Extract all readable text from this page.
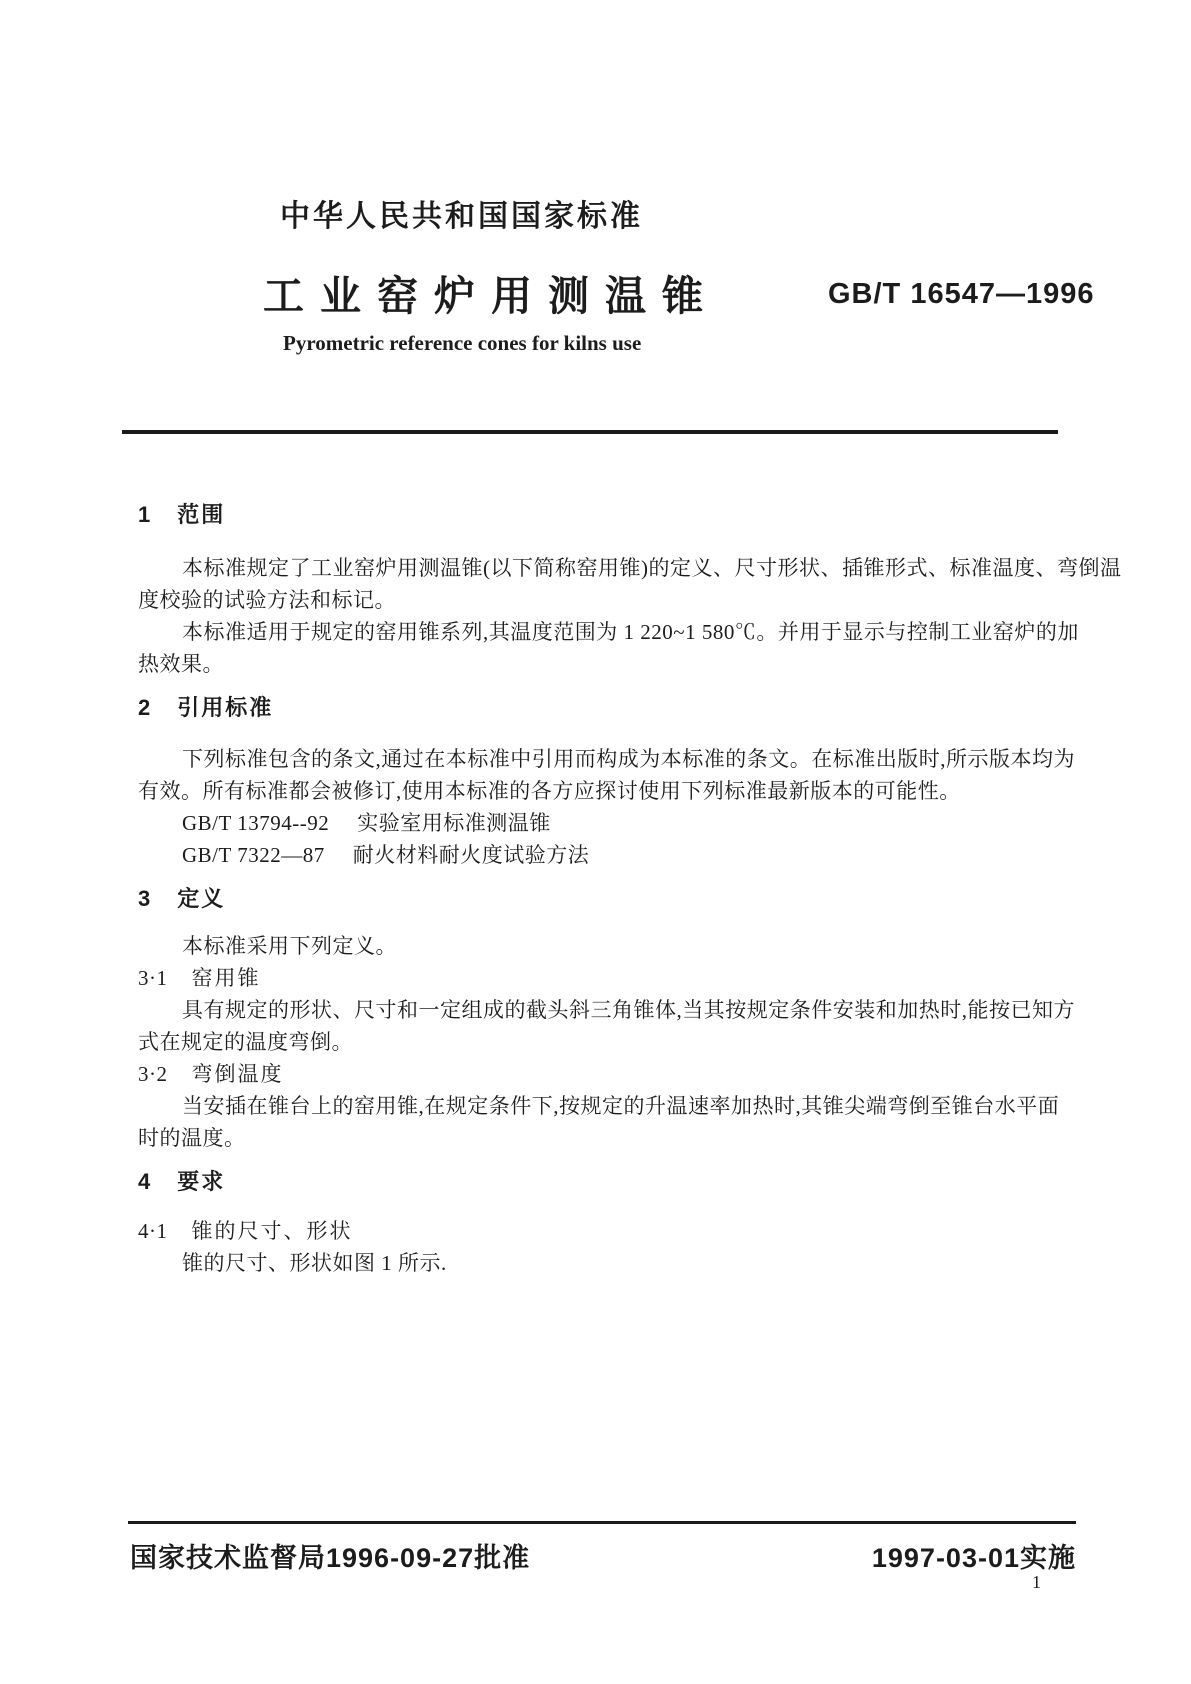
中华人民共和国国家标准
工业窑炉用测温锥	GB/T 16547—1996
Pyrometric reference cones for kilns use
1 范围
本标准规定了工业窑炉用测温锥(以下简称窑用锥)的定义、尺寸形状、插锥形式、标准温度、弯倒温
度校验的试验方法和标记。
本标准适用于规定的窑用锥系列,其温度范围为 1 220~1 580℃。并用于显示与控制工业窑炉的加
热效果。
2 引用标准
下列标准包含的条文,通过在本标准中引用而构成为本标准的条文。在标准出版时,所示版本均为
有效。所有标准都会被修订,使用本标准的各方应探讨使用下列标准最新版本的可能性。
GB/T 13794--92 实验室用标准测温锥
GB/T 7322—87 耐火材料耐火度试验方法
3 定义
本标准采用下列定义。
3·1 窑用锥
具有规定的形状、尺寸和一定组成的截头斜三角锥体,当其按规定条件安装和加热时,能按已知方
式在规定的温度弯倒。
3·2 弯倒温度
当安插在锥台上的窑用锥,在规定条件下,按规定的升温速率加热时,其锥尖端弯倒至锥台水平面
时的温度。
4 要求
4·1 锥的尺寸、形状
锥的尺寸、形状如图 1 所示.
国家技术监督局1996-09-27批准	1997-03-01实施
1
